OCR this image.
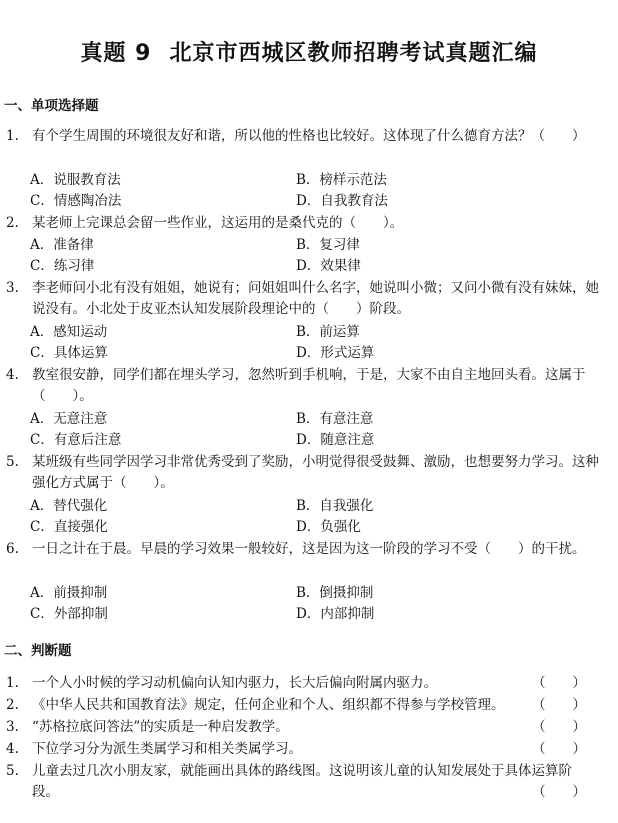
真题 9 北京市西城区教师招聘考试真题汇编
一、单项选择题
1. 有个学生周围的环境很友好和谐，所以他的性格也比较好。这体现了什么德育方法？（　　）
A．说服教育法	B．榜样示范法
C．情感陶冶法	D．自我教育法
2. 某老师上完课总会留一些作业，这运用的是桑代克的（　　）。
A．准备律	B．复习律
C．练习律	D．效果律
3. 李老师问小北有没有姐姐，她说有；问姐姐叫什么名字，她说叫小微；又问小微有没有妹妹，她说没有。小北处于皮亚杰认知发展阶段理论中的（　　）阶段。
A．感知运动	B．前运算
C．具体运算	D．形式运算
4. 教室很安静，同学们都在埋头学习，忽然听到手机响，于是，大家不由自主地回头看。这属于（　　）。
A．无意注意	B．有意注意
C．有意后注意	D．随意注意
5. 某班级有些同学因学习非常优秀受到了奖励，小明觉得很受鼓舞、激励，也想要努力学习。这种强化方式属于（　　）。
A．替代强化	B．自我强化
C．直接强化	D．负强化
6. 一日之计在于晨。早晨的学习效果一般较好，这是因为这一阶段的学习不受（　　）的干扰。
A．前摄抑制	B．倒摄抑制
C．外部抑制	D．内部抑制
二、判断题
1. 一个人小时候的学习动机偏向认知内驱力，长大后偏向附属内驱力。	（　　）
2. 《中华人民共和国教育法》规定，任何企业和个人、组织都不得参与学校管理。	（　　）
3. “苏格拉底问答法”的实质是一种启发教学。	（　　）
4. 下位学习分为派生类属学习和相关类属学习。	（　　）
5. 儿童去过几次小朋友家，就能画出具体的路线图。这说明该儿童的认知发展处于具体运算阶段。	（　　）
